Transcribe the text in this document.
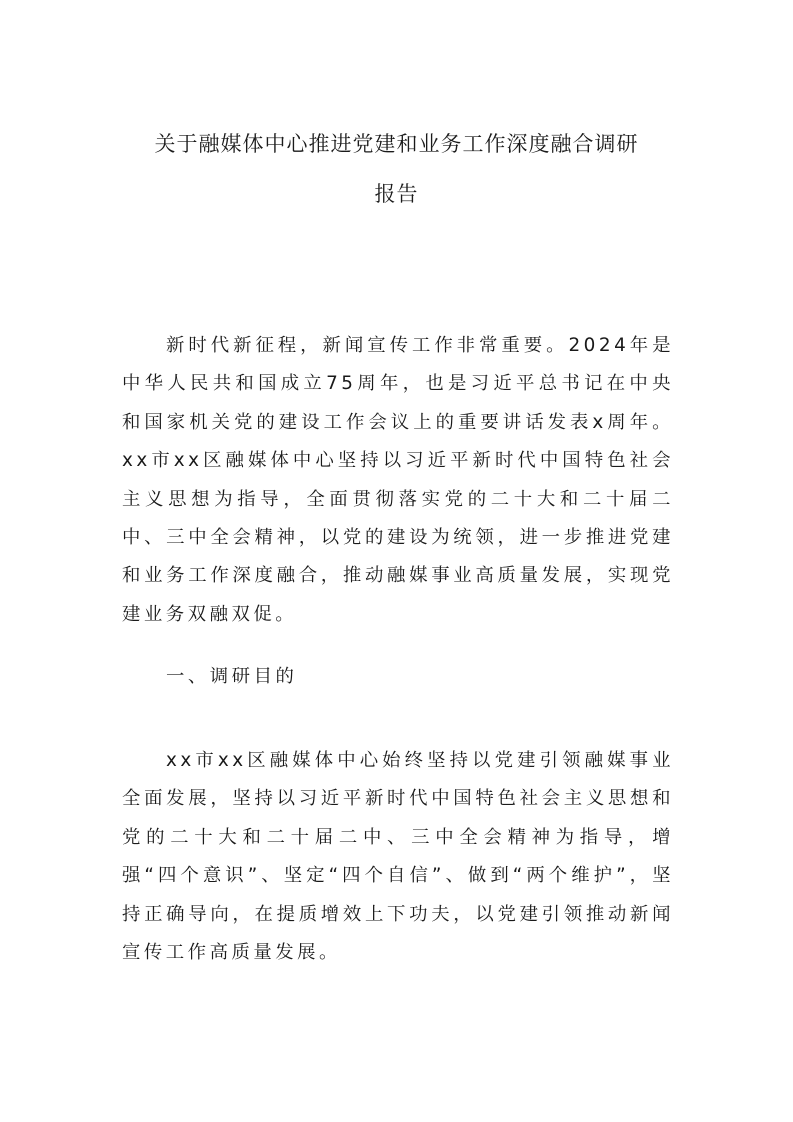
关于融媒体中心推进党建和业务工作深度融合调研
报告

新时代新征程，新闻宣传工作非常重要。2024年是中华人民共和国成立75周年，也是习近平总书记在中央和国家机关党的建设工作会议上的重要讲话发表x周年。xx市xx区融媒体中心坚持以习近平新时代中国特色社会主义思想为指导，全面贯彻落实党的二十大和二十届二中、三中全会精神，以党的建设为统领，进一步推进党建和业务工作深度融合，推动融媒事业高质量发展，实现党建业务双融双促。

一、调研目的

xx市xx区融媒体中心始终坚持以党建引领融媒事业全面发展，坚持以习近平新时代中国特色社会主义思想和党的二十大和二十届二中、三中全会精神为指导，增强“四个意识”、坚定“四个自信”、做到“两个维护”，坚持正确导向，在提质增效上下功夫，以党建引领推动新闻宣传工作高质量发展。
